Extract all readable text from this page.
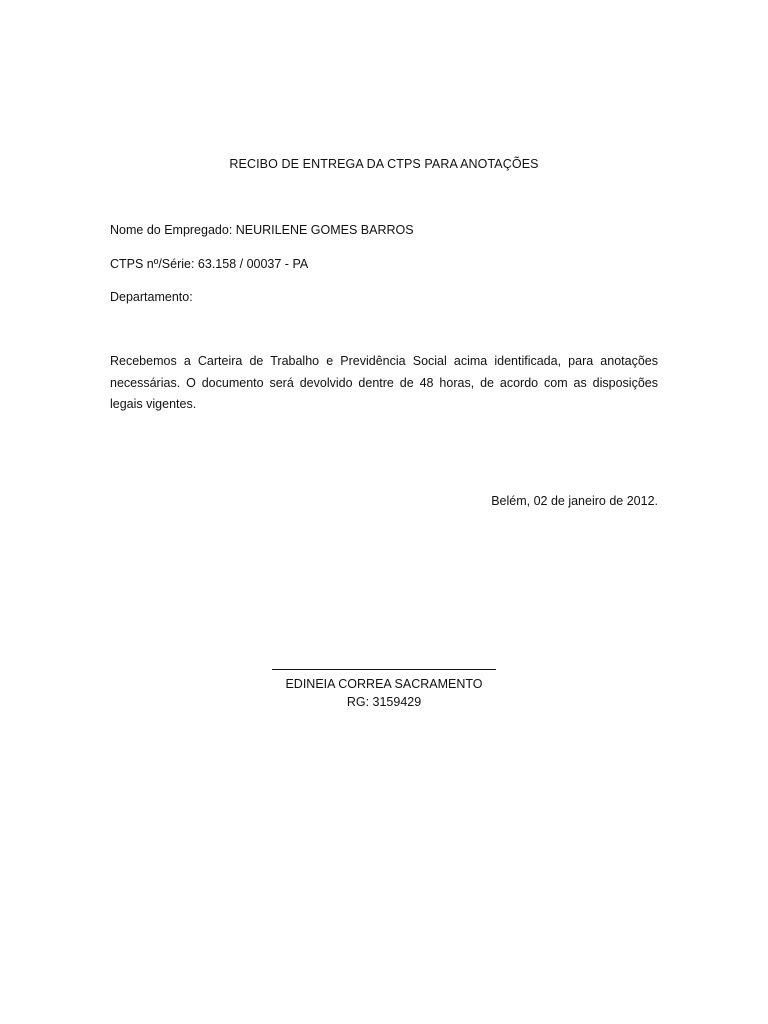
RECIBO DE ENTREGA DA CTPS PARA ANOTAÇÕES
Nome do Empregado: NEURILENE GOMES BARROS
CTPS nº/Série: 63.158 / 00037 - PA
Departamento:
Recebemos a Carteira de Trabalho e Previdência Social acima identificada, para anotações necessárias. O documento será devolvido dentre de 48 horas, de acordo com as disposições legais vigentes.
Belém, 02 de janeiro de 2012.
EDINEIA CORREA SACRAMENTO
RG: 3159429
